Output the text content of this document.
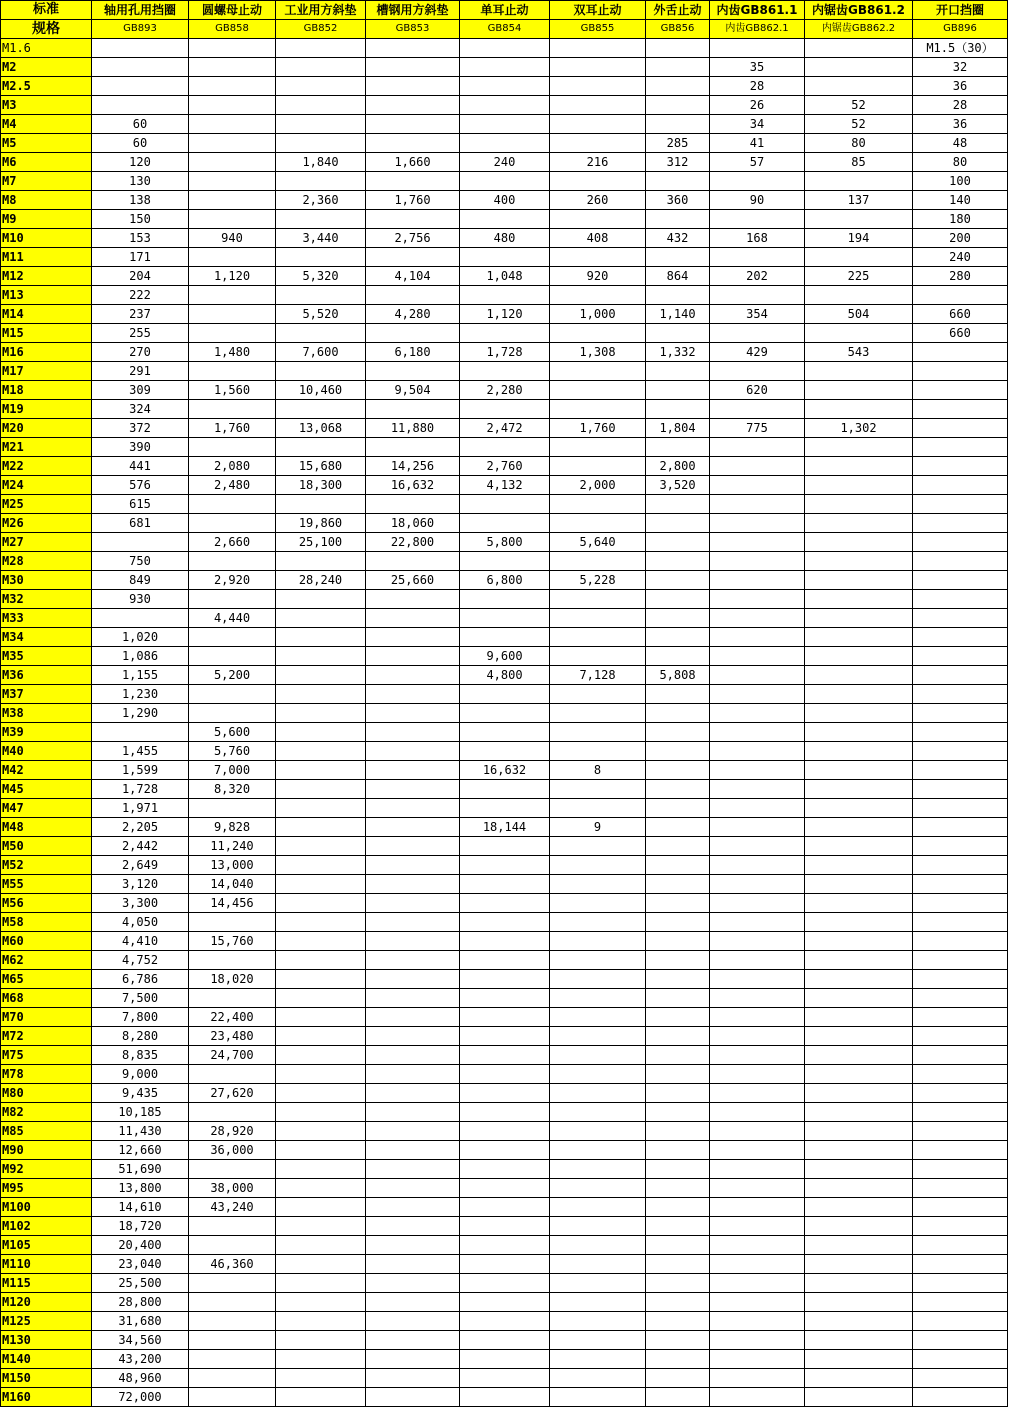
标准	轴用孔用挡圈	圆螺母止动	工业用方斜垫	槽钢用方斜垫	单耳止动	双耳止动	外舌止动	内齿GB861.1	内锯齿GB861.2	开口挡圈
规格	GB893	GB858	GB852	GB853	GB854	GB855	GB856	内齿GB862.1	内锯齿GB862.2	GB896
M1.6										M1.5（30）
M2								35		32
M2.5								28		36
M3								26	52	28
M4	60							34	52	36
M5	60						285	41	80	48
M6	120		1,840	1,660	240	216	312	57	85	80
M7	130									100
M8	138		2,360	1,760	400	260	360	90	137	140
M9	150									180
M10	153	940	3,440	2,756	480	408	432	168	194	200
M11	171									240
M12	204	1,120	5,320	4,104	1,048	920	864	202	225	280
M13	222									
M14	237		5,520	4,280	1,120	1,000	1,140	354	504	660
M15	255									660
M16	270	1,480	7,600	6,180	1,728	1,308	1,332	429	543	
M17	291									
M18	309	1,560	10,460	9,504	2,280			620		
M19	324									
M20	372	1,760	13,068	11,880	2,472	1,760	1,804	775	1,302	
M21	390									
M22	441	2,080	15,680	14,256	2,760		2,800			
M24	576	2,480	18,300	16,632	4,132	2,000	3,520			
M25	615									
M26	681		19,860	18,060						
M27		2,660	25,100	22,800	5,800	5,640				
M28	750									
M30	849	2,920	28,240	25,660	6,800	5,228				
M32	930									
M33		4,440								
M34	1,020									
M35	1,086				9,600					
M36	1,155	5,200			4,800	7,128	5,808			
M37	1,230									
M38	1,290									
M39		5,600								
M40	1,455	5,760								
M42	1,599	7,000			16,632	8				
M45	1,728	8,320								
M47	1,971									
M48	2,205	9,828			18,144	9				
M50	2,442	11,240								
M52	2,649	13,000								
M55	3,120	14,040								
M56	3,300	14,456								
M58	4,050									
M60	4,410	15,760								
M62	4,752									
M65	6,786	18,020								
M68	7,500									
M70	7,800	22,400								
M72	8,280	23,480								
M75	8,835	24,700								
M78	9,000									
M80	9,435	27,620								
M82	10,185									
M85	11,430	28,920								
M90	12,660	36,000								
M92	51,690									
M95	13,800	38,000								
M100	14,610	43,240								
M102	18,720									
M105	20,400									
M110	23,040	46,360								
M115	25,500									
M120	28,800									
M125	31,680									
M130	34,560									
M140	43,200									
M150	48,960									
M160	72,000									
